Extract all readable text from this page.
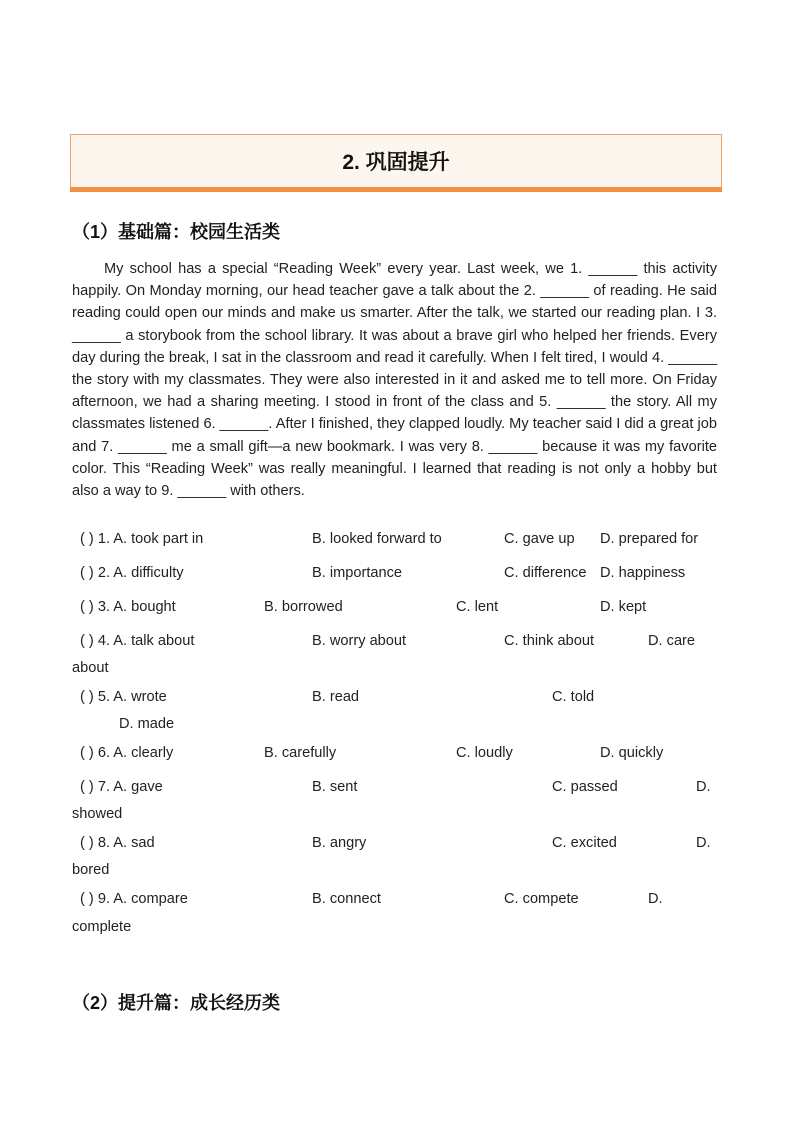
2. 巩固提升
（1）基础篇：校园生活类

My school has a special “Reading Week” every year. Last week, we 1. ______ this activity happily. On Monday morning, our head teacher gave a talk about the 2. ______ of reading. He said reading could open our minds and make us smarter. After the talk, we started our reading plan. I 3. ______ a storybook from the school library. It was about a brave girl who helped her friends. Every day during the break, I sat in the classroom and read it carefully. When I felt tired, I would 4. ______ the story with my classmates. They were also interested in it and asked me to tell more. On Friday afternoon, we had a sharing meeting. I stood in front of the class and 5. ______ the story. All my classmates listened 6. ______. After I finished, they clapped loudly. My teacher said I did a great job and 7. ______ me a small gift—a new bookmark. I was very 8. ______ because it was my favorite color. This “Reading Week” was really meaningful. I learned that reading is not only a hobby but also a way to 9. ______ with others.

( ) 1. A. took part in	B. looked forward to	C. gave up D. prepared for
( ) 2. A. difficulty	B. importance	C. difference D. happiness
( ) 3. A. bought	B. borrowed	C. lent	D. kept
( ) 4. A. talk about	B. worry about	C. think about	D. care
about
( ) 5. A. wrote	B. read	C. told
D. made
( ) 6. A. clearly	B. carefully	C. loudly	D. quickly
( ) 7. A. gave	B. sent	C. passed	D.
showed
( ) 8. A. sad	B. angry	C. excited	D.
bored
( ) 9. A. compare	B. connect	C. compete	D.
complete
（2）提升篇：成长经历类
